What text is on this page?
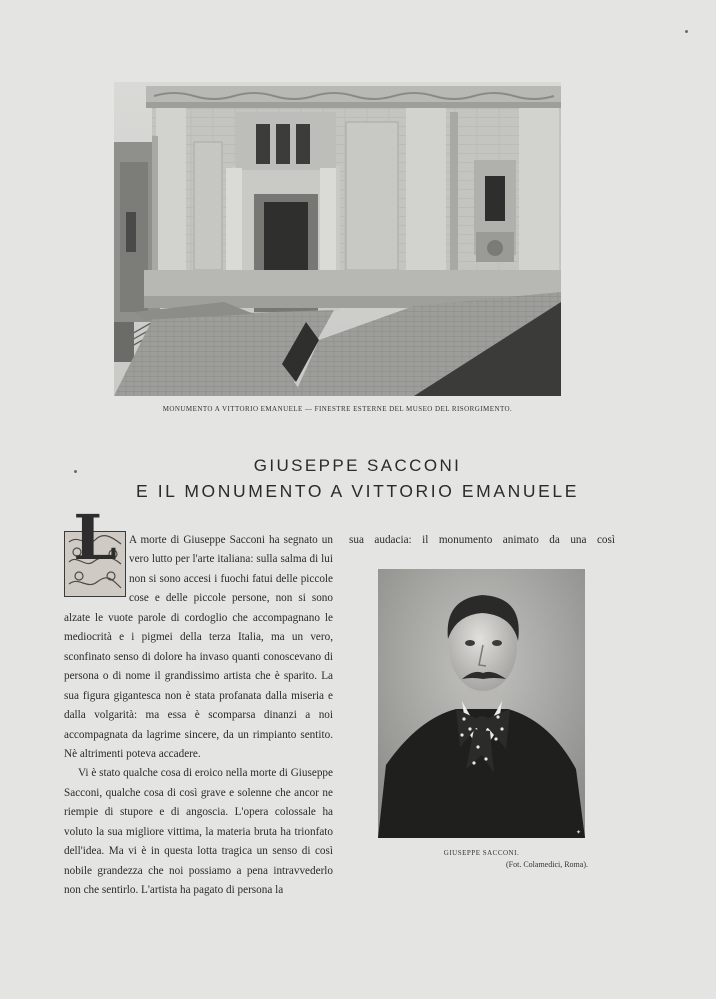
MONUMENTO A VITTORIO EMANUELE — FINESTRE ESTERNE DEL MUSEO DEL RISORGIMENTO.
GIUSEPPE SACCONI
E IL MONUMENTO A VITTORIO EMANUELE
L	A morte di Giuseppe Sacconi ha segnato un vero lutto per l'arte italiana: sulla salma di lui non si sono accesi i fuochi fatui delle piccole cose e delle piccole persone, non si sono alzate le vuote parole di cordoglio che accompagnano le mediocrità e i pigmei della terza Italia, ma un vero, sconfinato senso di dolore ha invaso quanti conoscevano di persona o di nome il grandissimo artista che è sparito. La sua figura gigantesca non è stata profanata dalla miseria e dalla volgarità: ma essa è scomparsa dinanzi a noi accompagnata da lagrime sincere, da un rimpianto sentito. Nè altrimenti poteva accadere.

Vi è stato qualche cosa di eroico nella morte di Giuseppe Sacconi, qualche cosa di così grave e solenne che ancor ne riempie di stupore e di angoscia. L'opera colossale ha voluto la sua migliore vittima, la materia bruta ha trionfato dell'idea. Ma vi è in questa lotta tragica un senso di così nobile grandezza che noi possiamo a pena intravvederlo non che sentirlo. L'artista ha pagato di persona la

sua audacia: il monumento animato da una così
✦
GIUSEPPE SACCONI.
(Fot. Colamedici, Roma).
